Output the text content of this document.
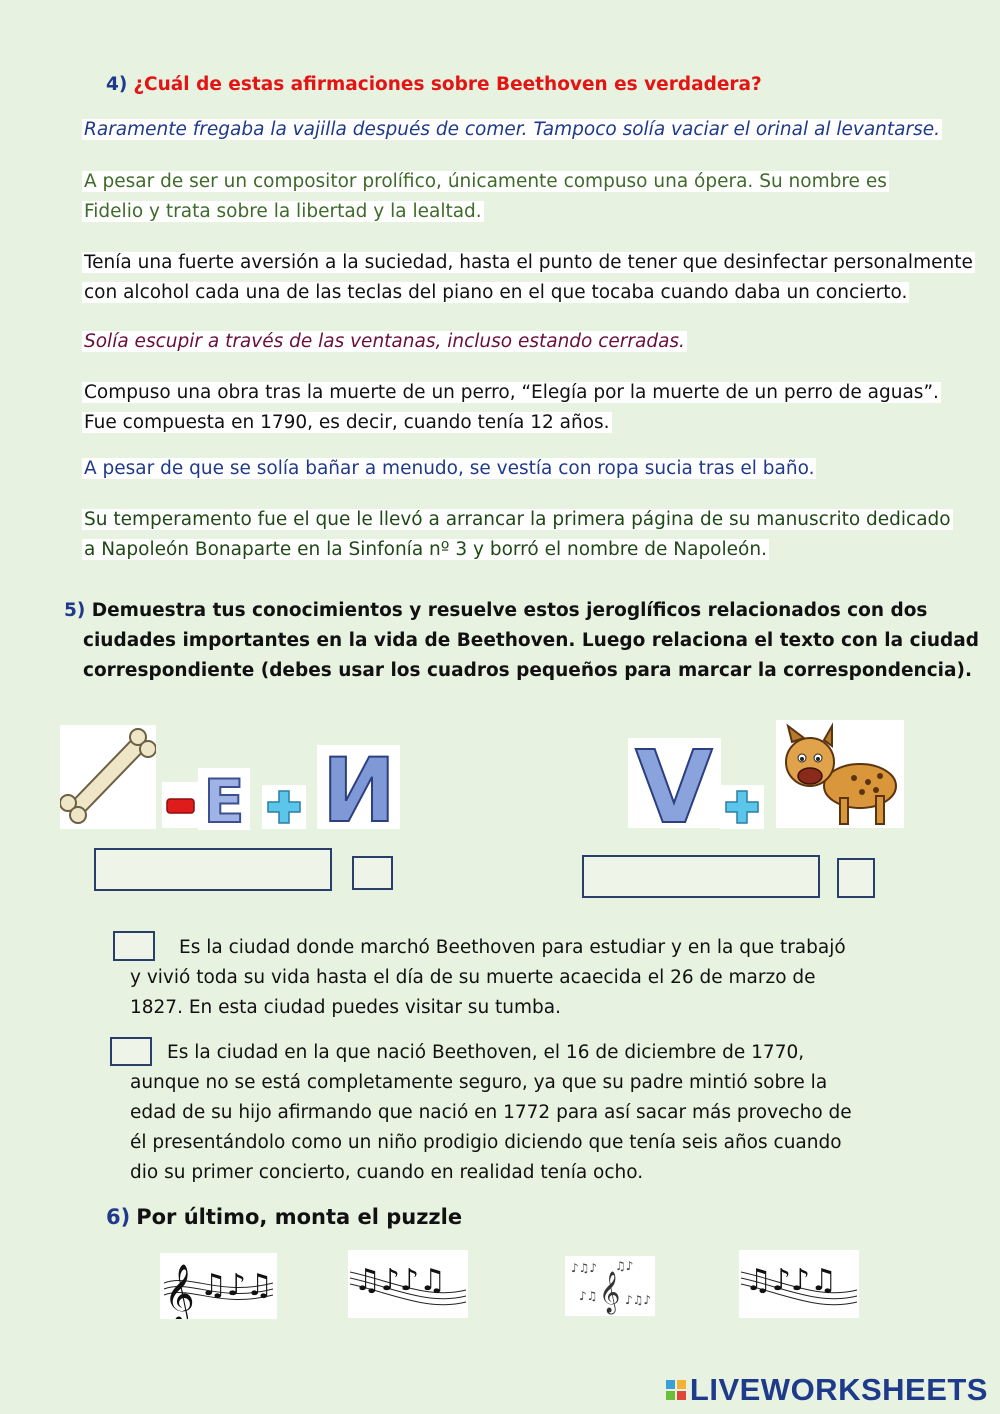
4) ¿Cuál de estas afirmaciones sobre Beethoven es verdadera?
Raramente fregaba la vajilla después de comer. Tampoco solía vaciar el orinal al levantarse.
A pesar de ser un compositor prolífico, únicamente compuso una ópera. Su nombre es
Fidelio y trata sobre la libertad y la lealtad.
Tenía una fuerte aversión a la suciedad, hasta el punto de tener que desinfectar personalmente
con alcohol cada una de las teclas del piano en el que tocaba cuando daba un concierto.
Solía escupir a través de las ventanas, incluso estando cerradas.
Compuso una obra tras la muerte de un perro, “Elegía por la muerte de un perro de aguas”.
Fue compuesta en 1790, es decir, cuando tenía 12 años.
A pesar de que se solía bañar a menudo, se vestía con ropa sucia tras el baño.
Su temperamento fue el que le llevó a arrancar la primera página de su manuscrito dedicado
a Napoleón Bonaparte en la Sinfonía nº 3 y borró el nombre de Napoleón.
5) Demuestra tus conocimientos y resuelve estos jeroglíficos relacionados con dos
ciudades importantes en la vida de Beethoven. Luego relaciona el texto con la ciudad
correspondiente (debes usar los cuadros pequeños para marcar la correspondencia).
E И V
Es la ciudad donde marchó Beethoven para estudiar y en la que trabajó
y vivió toda su vida hasta el día de su muerte acaecida el 26 de marzo de
1827. En esta ciudad puedes visitar su tumba.
Es la ciudad en la que nació Beethoven, el 16 de diciembre de 1770,
aunque no se está completamente seguro, ya que su padre mintió sobre la
edad de su hijo afirmando que nació en 1772 para así sacar más provecho de
él presentándolo como un niño prodigio diciendo que tenía seis años cuando
dio su primer concierto, cuando en realidad tenía ocho.
6) Por último, monta el puzzle
𝄞 ♫♪♫	♫♪♪♫	♪♫♪ ♫♪
♪♫ ♪♫♪
𝄞	♫♪♪♫
LIVEWORKSHEETS
